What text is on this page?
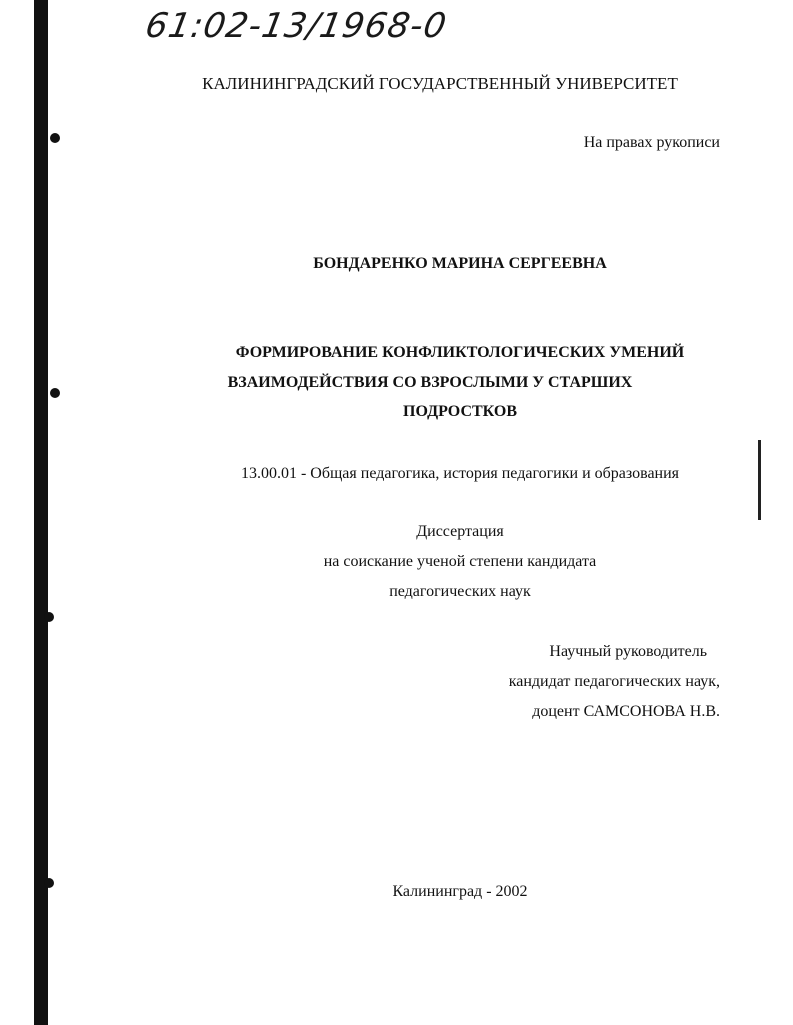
61:02-13/1968-0
КАЛИНИНГРАДСКИЙ ГОСУДАРСТВЕННЫЙ УНИВЕРСИТЕТ
На правах рукописи
БОНДАРЕНКО МАРИНА СЕРГЕЕВНА
ФОРМИРОВАНИЕ КОНФЛИКТОЛОГИЧЕСКИХ УМЕНИЙ
ВЗАИМОДЕЙСТВИЯ СО ВЗРОСЛЫМИ У СТАРШИХ
ПОДРОСТКОВ
13.00.01 - Общая педагогика, история педагогики и образования
Диссертация
на соискание ученой степени кандидата
педагогических наук
Научный руководитель
кандидат педагогических наук,
доцент САМСОНОВА Н.В.
Калининград - 2002
